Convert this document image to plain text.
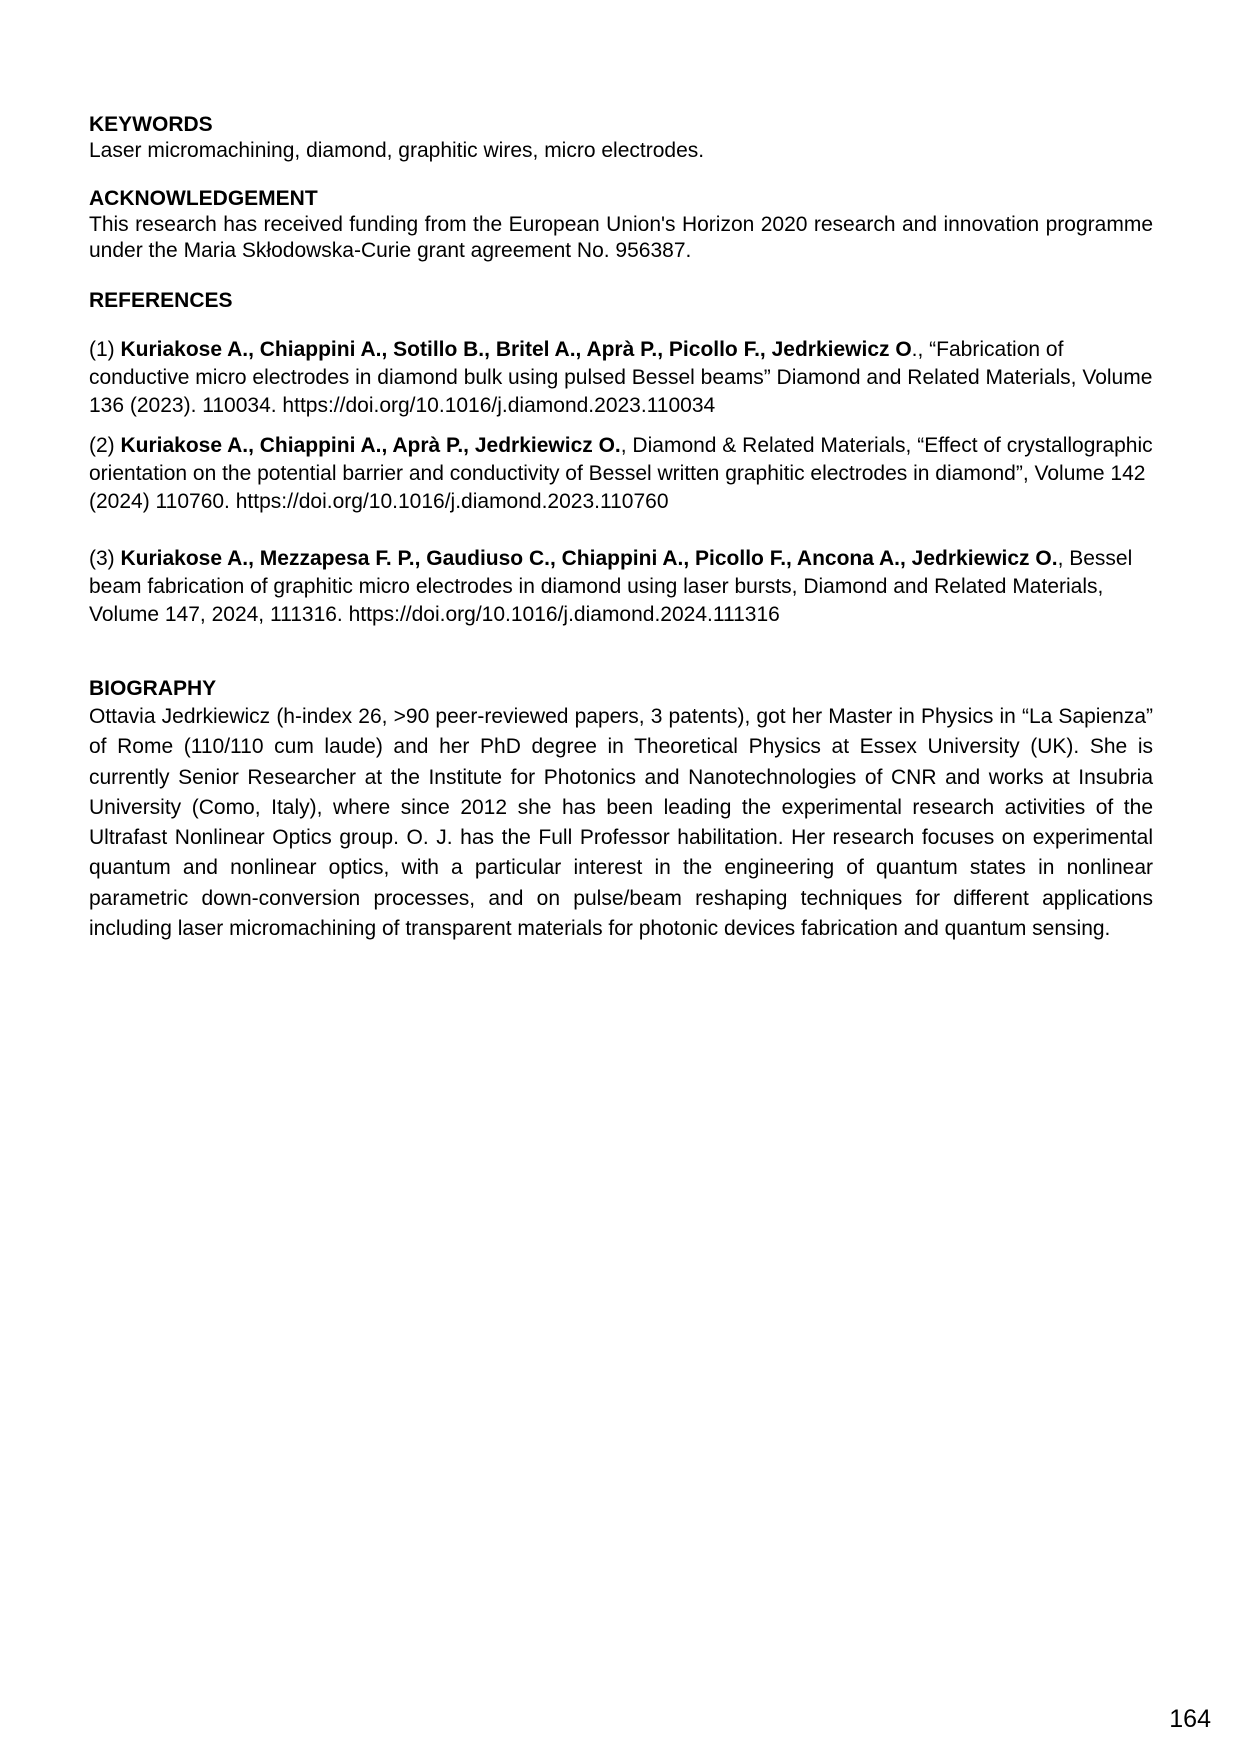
KEYWORDS

Laser micromachining, diamond, graphitic wires, micro electrodes.

ACKNOWLEDGEMENT

This research has received funding from the European Union's Horizon 2020 research and innovation programme under the Maria Skłodowska-Curie grant agreement No. 956387.

REFERENCES

(1) Kuriakose A., Chiappini A., Sotillo B., Britel A., Aprà P., Picollo F., Jedrkiewicz O., “Fabrication of conductive micro electrodes in diamond bulk using pulsed Bessel beams” Diamond and Related Materials, Volume 136 (2023). 110034. https://doi.org/10.1016/j.diamond.2023.110034

(2) Kuriakose A., Chiappini A., Aprà P., Jedrkiewicz O., Diamond & Related Materials, “Effect of crystallographic orientation on the potential barrier and conductivity of Bessel written graphitic electrodes in diamond”, Volume 142 (2024) 110760. https://doi.org/10.1016/j.diamond.2023.110760

(3) Kuriakose A., Mezzapesa F. P., Gaudiuso C., Chiappini A., Picollo F., Ancona A., Jedrkiewicz O., Bessel beam fabrication of graphitic micro electrodes in diamond using laser bursts, Diamond and Related Materials, Volume 147, 2024, 111316. https://doi.org/10.1016/j.diamond.2024.111316

BIOGRAPHY

Ottavia Jedrkiewicz (h-index 26, >90 peer-reviewed papers, 3 patents), got her Master in Physics in “La Sapienza” of Rome (110/110 cum laude) and her PhD degree in Theoretical Physics at Essex University (UK). She is currently Senior Researcher at the Institute for Photonics and Nanotechnologies of CNR and works at Insubria University (Como, Italy), where since 2012 she has been leading the experimental research activities of the Ultrafast Nonlinear Optics group. O. J. has the Full Professor habilitation. Her research focuses on experimental quantum and nonlinear optics, with a particular interest in the engineering of quantum states in nonlinear parametric down-conversion processes, and on pulse/beam reshaping techniques for different applications including laser micromachining of transparent materials for photonic devices fabrication and quantum sensing.

164
